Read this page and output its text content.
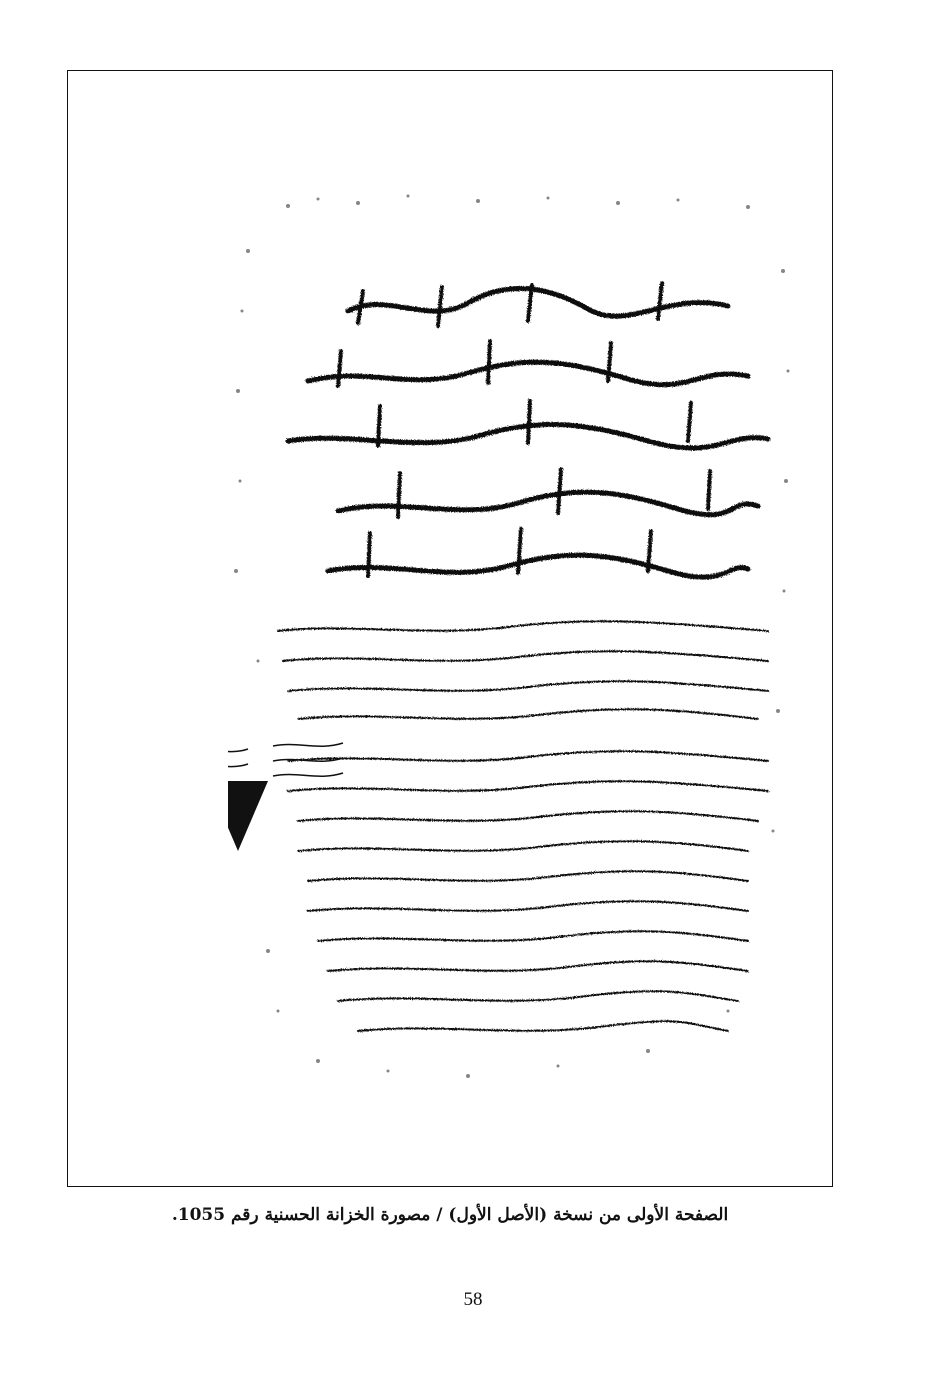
الصفحة الأولى من نسخة (الأصل الأول) / مصورة الخزانة الحسنية رقم 1055.
58
